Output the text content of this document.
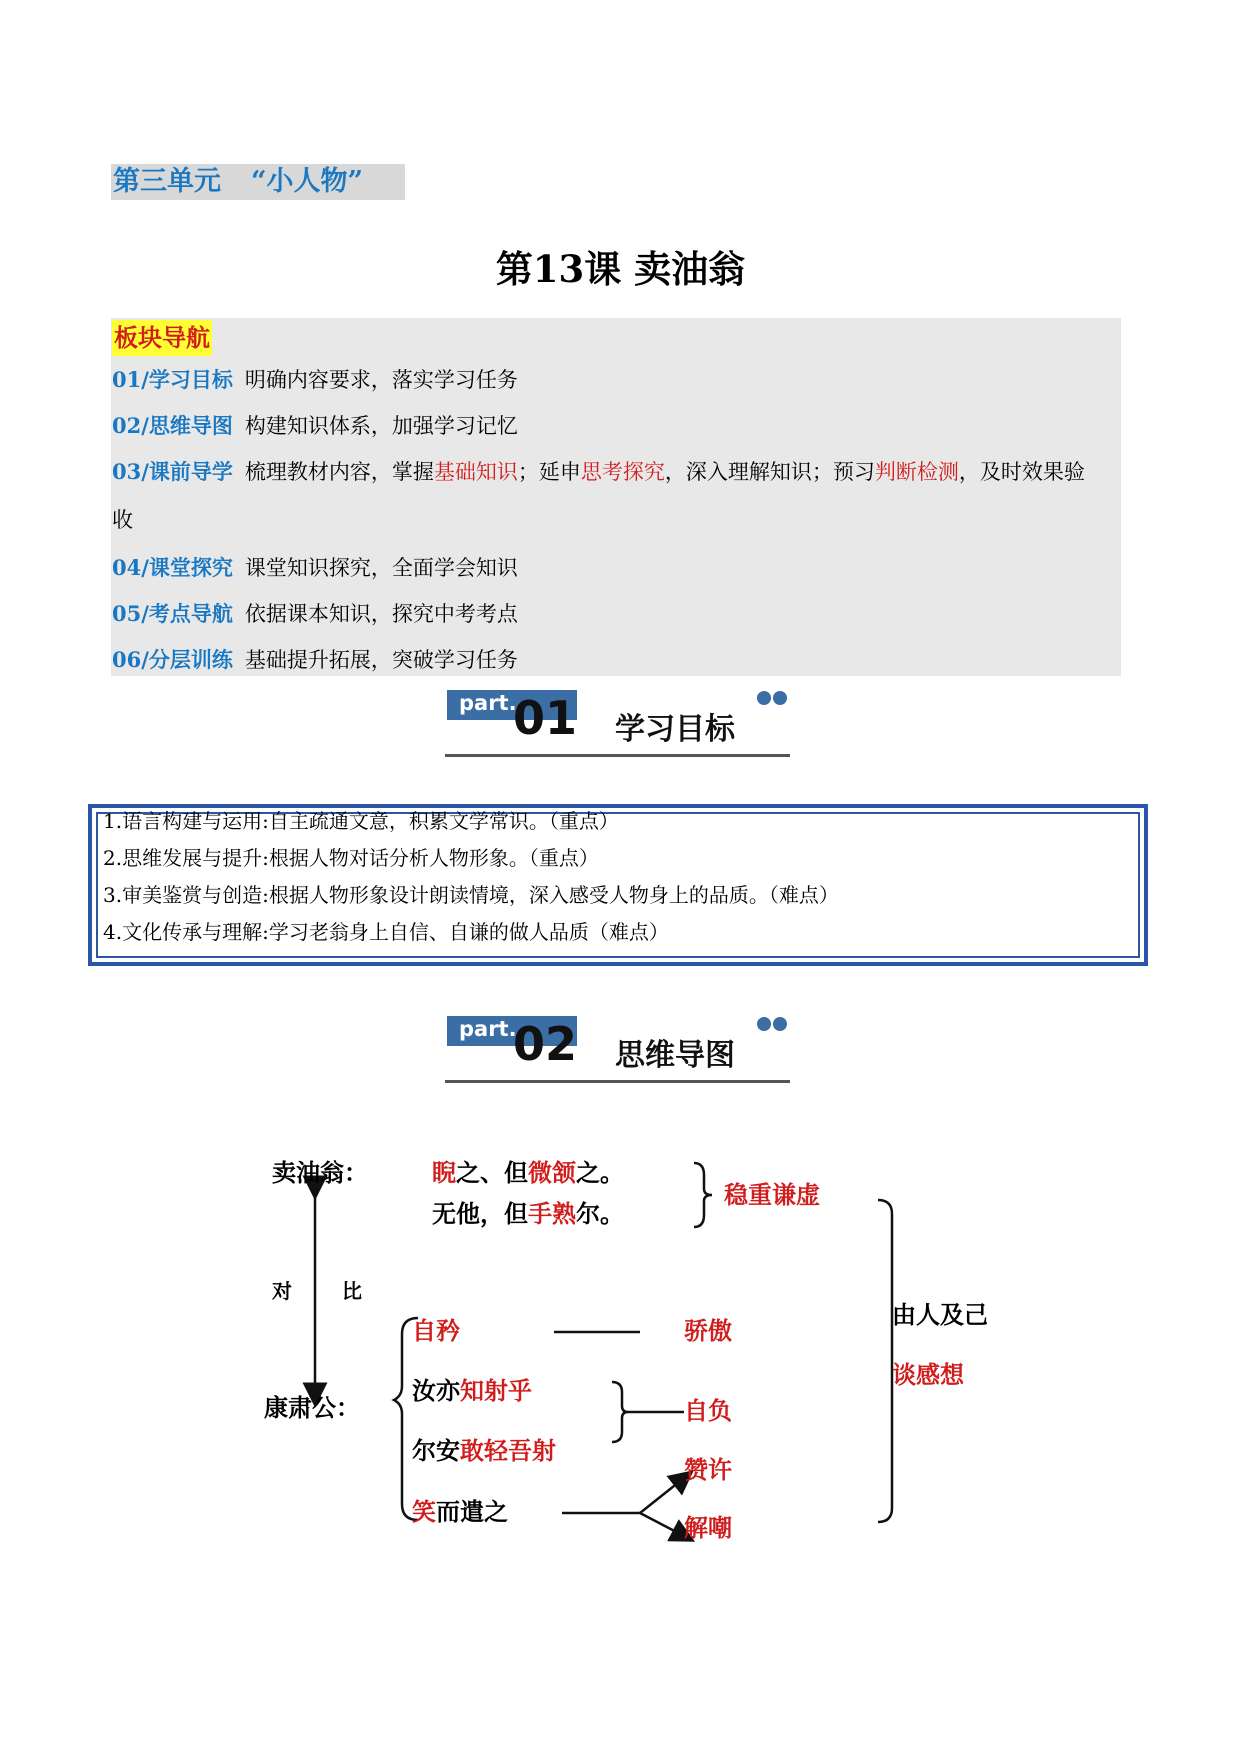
第三单元 “小人物”
第13课 卖油翁
板块导航
01/学习目标 明确内容要求，落实学习任务
02/思维导图 构建知识体系，加强学习记忆
03/课前导学 梳理教材内容，掌握基础知识；延申思考探究，深入理解知识；预习判断检测，及时效果验
收
04/课堂探究 课堂知识探究，全面学会知识
05/考点导航 依据课本知识，探究中考考点
06/分层训练 基础提升拓展，突破学习任务
part.
01 学习目标
1.语言构建与运用:自主疏通文意，积累文学常识。（重点）
2.思维发展与提升:根据人物对话分析人物形象。（重点）
3.审美鉴赏与创造:根据人物形象设计朗读情境，深入感受人物身上的品质。（难点）
4.文化传承与理解:学习老翁身上自信、自谦的做人品质（难点）
part.
02 思维导图
卖油翁：	睨之、但微颔之。
无他，但手熟尔。
稳重谦虚
对	比
康肃公：
自矜	骄傲
汝亦知射乎
尔安敢轻吾射
自负
笑而遣之
赞许
解嘲
由人及己
谈感想
